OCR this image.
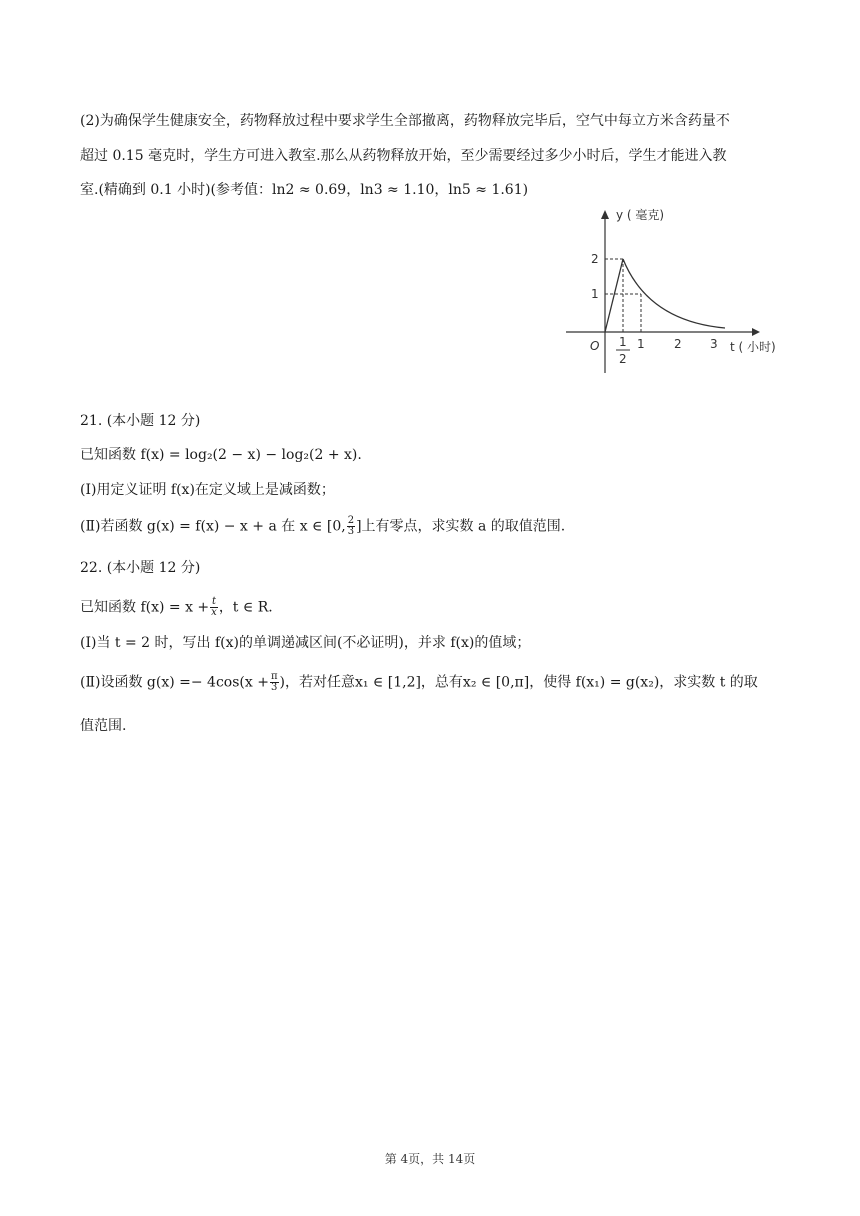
(2)为确保学生健康安全，药物释放过程中要求学生全部撤离，药物释放完毕后，空气中每立方米含药量不
超过 0.15 毫克时，学生方可进入教室.那么从药物释放开始，至少需要经过多少小时后，学生才能进入教
室.(精确到 0.1 小时)(参考值：ln2 ≈ 0.69，ln3 ≈ 1.10，ln5 ≈ 1.61)
y ( 毫克)
2
1
O 1
2
1 2 3 t ( 小时)
21. (本小题 12 分)
已知函数 f(x) = log₂(2 − x) − log₂(2 + x).
(Ⅰ)用定义证明 f(x)在定义域上是减函数；
(Ⅱ)若函数 g(x) = f(x) − x + a 在 x ∈ [0, $\frac{2}{3}$ ]上有零点，求实数 a 的取值范围.
22. (本小题 12 分)
已知函数 $f(x) = x + \frac{t}{x}$ ，t ∈ R.
(Ⅰ)当 t = 2 时，写出 f(x)的单调递减区间(不必证明)，并求 f(x)的值域；
(Ⅱ)设函数 $g(x) =- 4\cos(x + \frac{\pi}{3}$ )，若对任意x₁ ∈ [1,2]，总有x₂ ∈ [0,π]，使得 f(x₁) = g(x₂)，求实数 t 的取
值范围.
第 4页，共 14页
